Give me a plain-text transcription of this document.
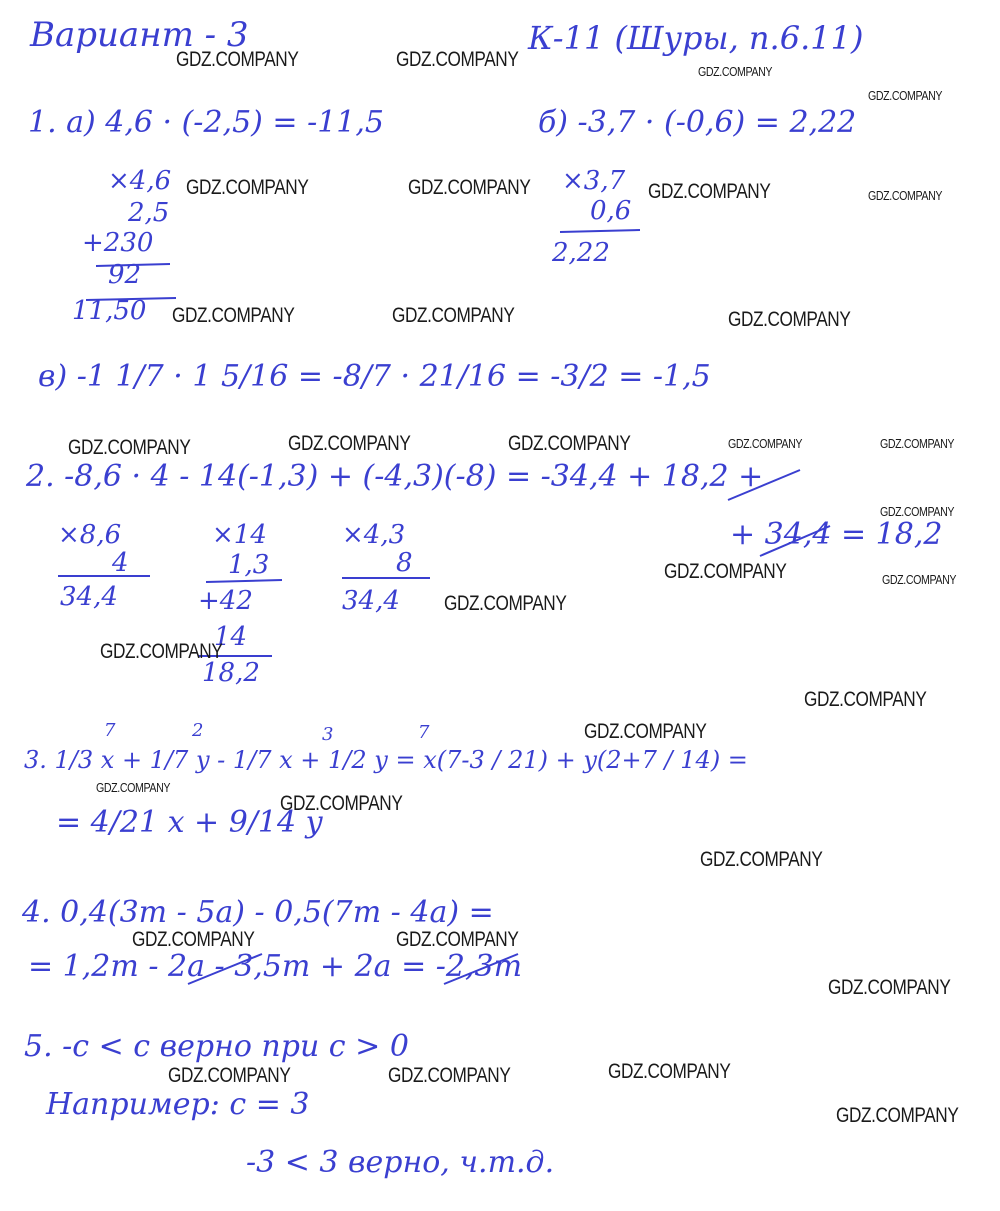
Вариант - 3	К-11 (Шуры, п.6.11)
1. a) 4,6 · (-2,5) = -11,5	б) -3,7 · (-0,6) = 2,22
×4,6
2,5
+230
92
11,50
×3,7
0,6
2,22
в) -1 1/7 · 1 5/16 = -8/7 · 21/16 = -3/2 = -1,5
2. -8,6 · 4 - 14(-1,3) + (-4,3)(-8) = -34,4 + 18,2 +
+ 34,4 = 18,2
×8,6
4
34,4
×14
1,3
+42
14
18,2
×4,3
8
34,4
7	2	3	7
3. 1/3 x + 1/7 y - 1/7 x + 1/2 y = x(7-3 / 21) + y(2+7 / 14) =
= 4/21 x + 9/14 y
4. 0,4(3m - 5a) - 0,5(7m - 4a) =
= 1,2m - 2a - 3,5m + 2a = -2,3m
5. -c < c верно при c > 0
Например: c = 3
-3 < 3 верно, ч.т.д.
GDZ.COMPANY	GDZ.COMPANY
GDZ.COMPANY
GDZ.COMPANY
GDZ.COMPANY	GDZ.COMPANY	GDZ.COMPANY	GDZ.COMPANY
GDZ.COMPANY	GDZ.COMPANY	GDZ.COMPANY
GDZ.COMPANY	GDZ.COMPANY	GDZ.COMPANY	GDZ.COMPANY	GDZ.COMPANY
GDZ.COMPANY
GDZ.COMPANY	GDZ.COMPANY
GDZ.COMPANY
GDZ.COMPANY
GDZ.COMPANY
GDZ.COMPANY
GDZ.COMPANY
GDZ.COMPANY
GDZ.COMPANY
GDZ.COMPANY	GDZ.COMPANY
GDZ.COMPANY
GDZ.COMPANY	GDZ.COMPANY	GDZ.COMPANY
GDZ.COMPANY
